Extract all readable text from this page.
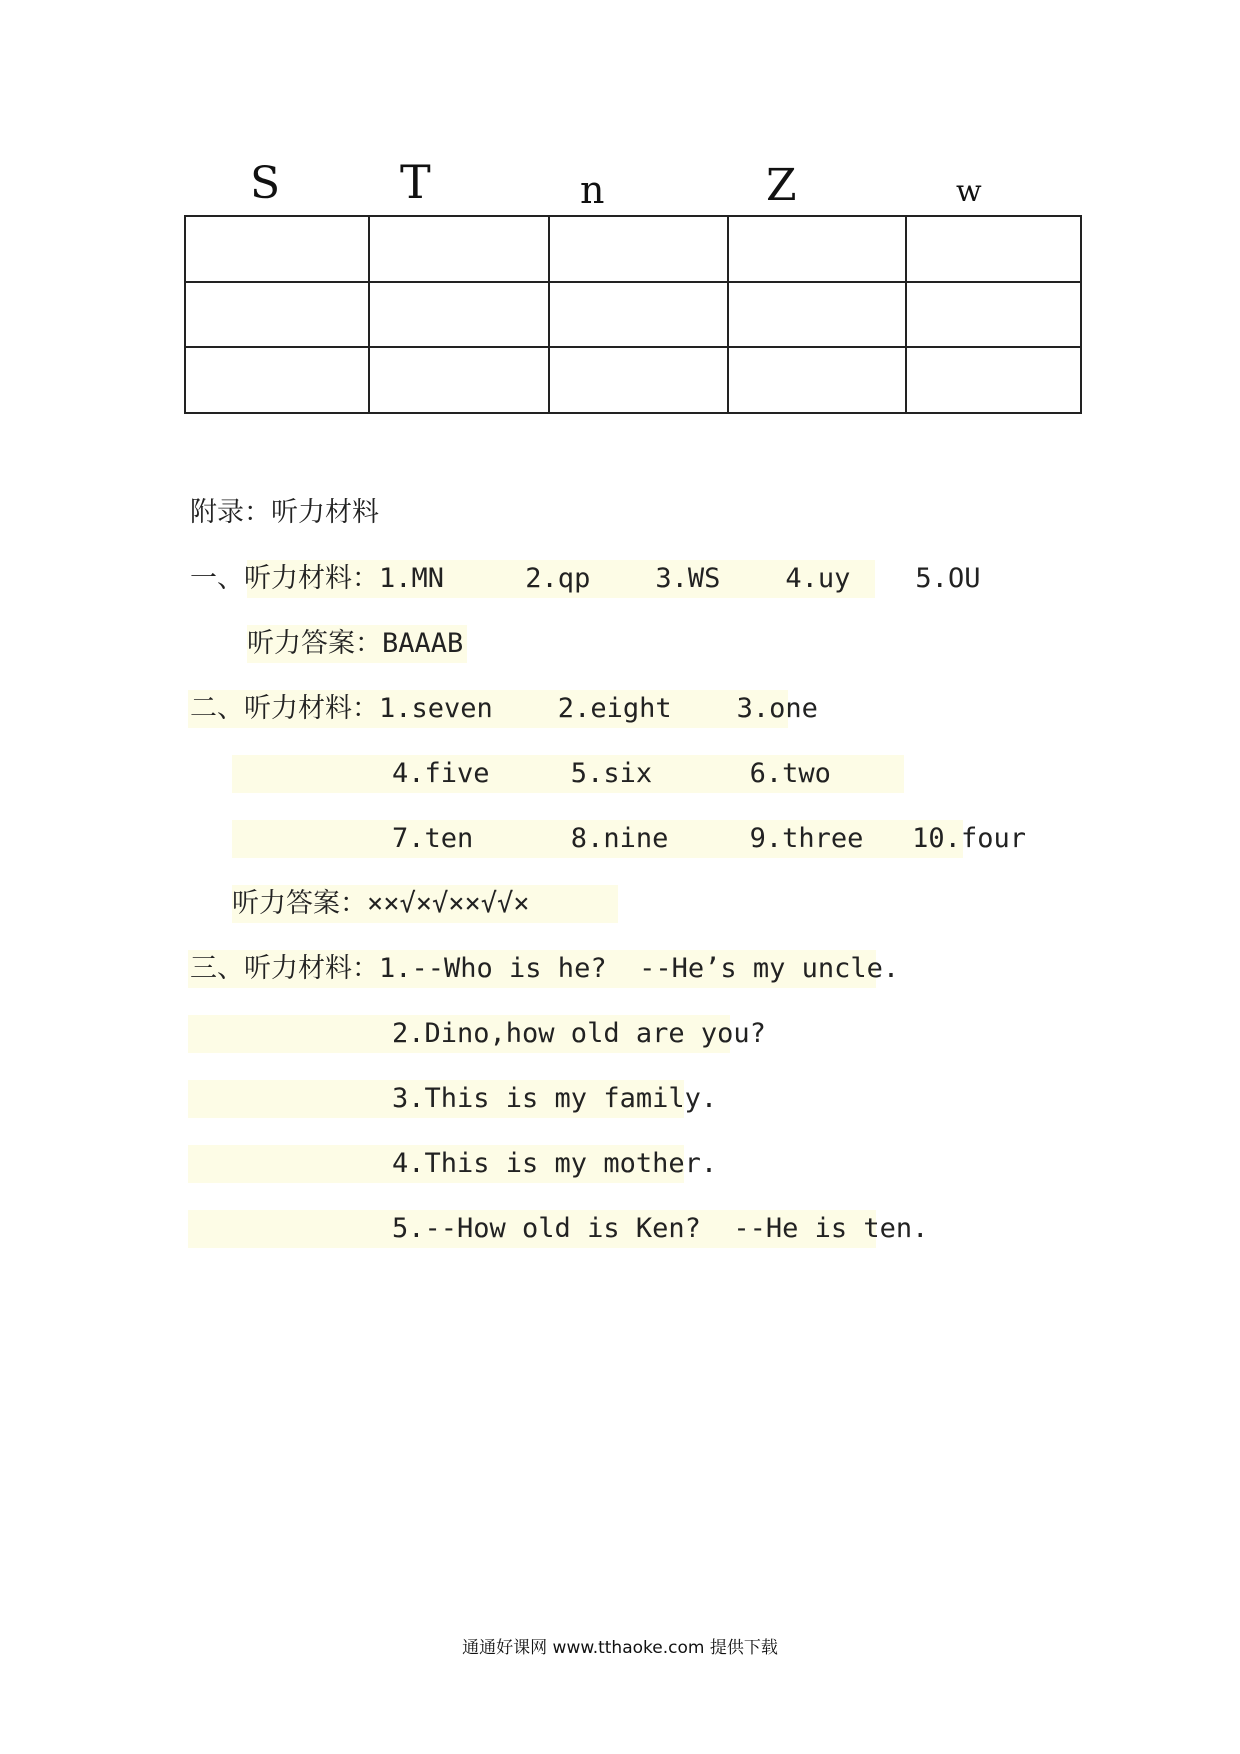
S	T	n	Z	w

附录：听力材料
一、听力材料：1.MN     2.qp    3.WS    4.uy    5.OU
听力答案：BAAAB
二、听力材料：1.seven    2.eight    3.one
4.five     5.six      6.two
7.ten      8.nine     9.three   10.four
听力答案：××√×√××√√×
三、听力材料：1.--Who is he?  --He’s my uncle.
2.Dino,how old are you?
3.This is my family.
4.This is my mother.
5.--How old is Ken?  --He is ten.
通通好课网 www.tthaoke.com 提供下载
